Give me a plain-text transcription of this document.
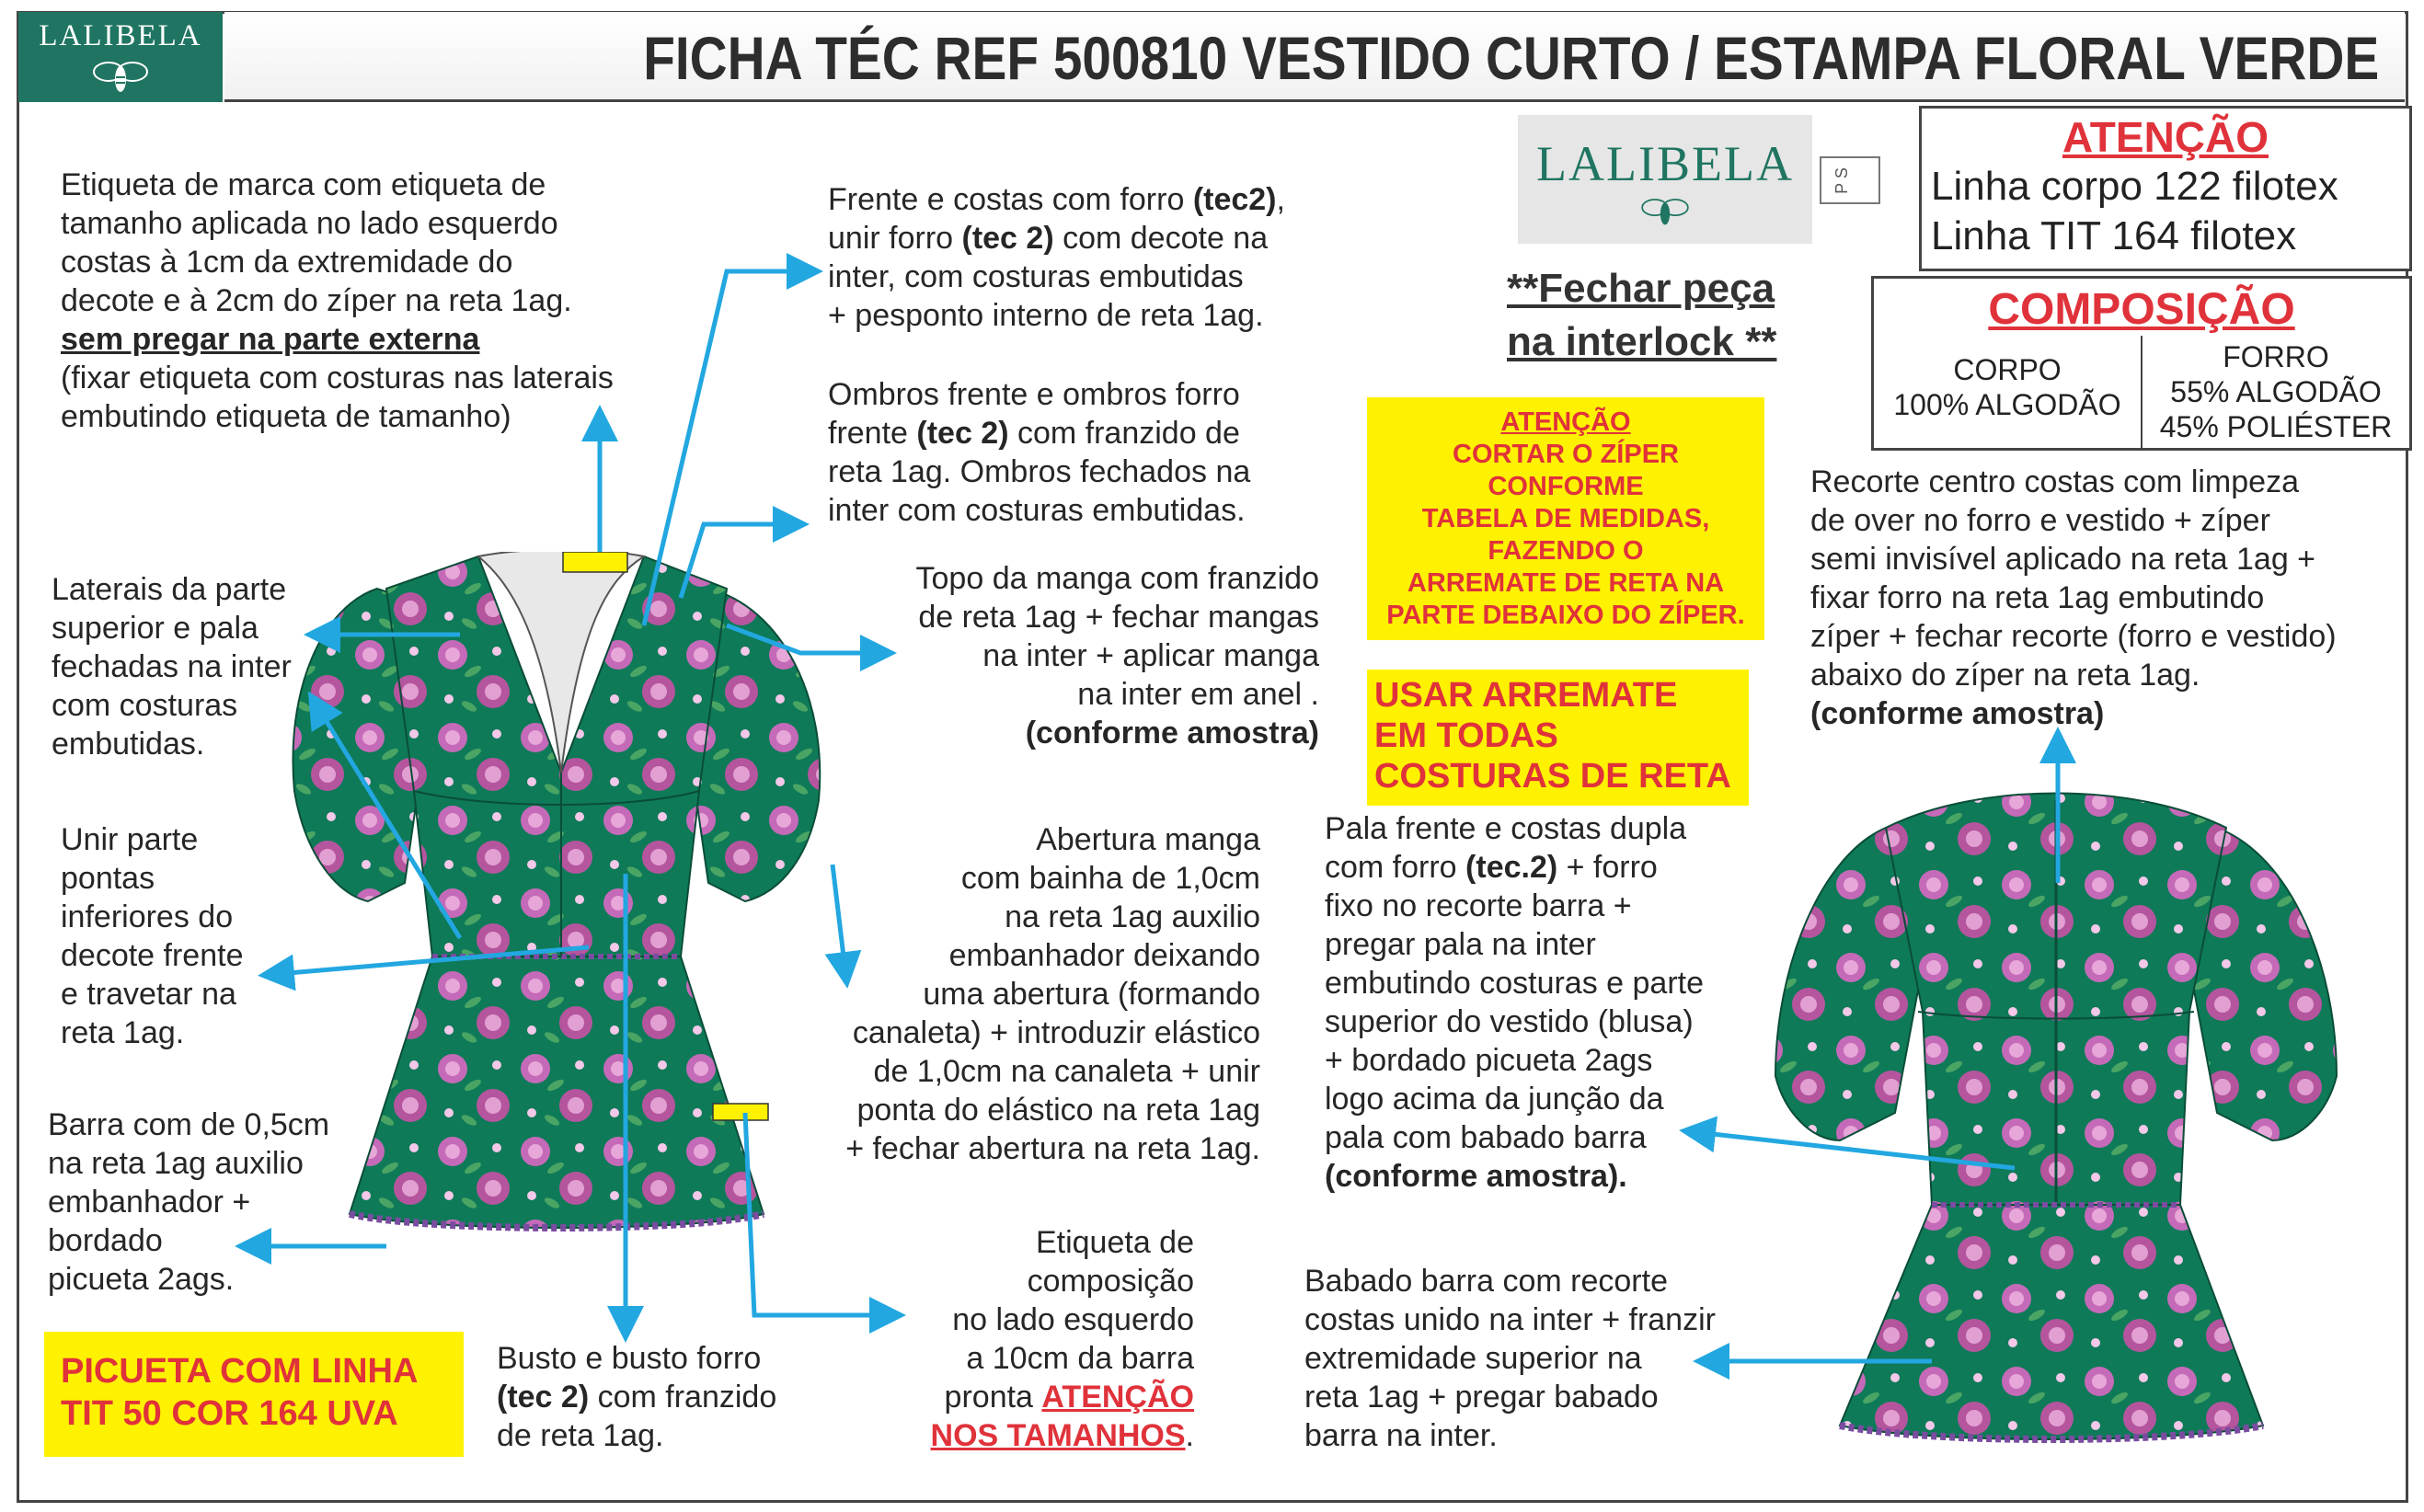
LALIBELA	FICHA TÉC REF 500810 VESTIDO CURTO / ESTAMPA FLORAL VERDE
LALIBELA	P S
**Fechar peça
na interlock **
ATENÇÃO
Linha corpo 122 filotex
Linha TIT 164 filotex
COMPOSIÇÃO
CORPO
100% ALGODÃO
FORRO
55% ALGODÃO
45% POLIÉSTER
ATENÇÃO
CORTAR O ZÍPER
CONFORME
TABELA DE MEDIDAS,
FAZENDO O
ARREMATE DE RETA NA
PARTE DEBAIXO DO ZÍPER.
USAR ARREMATE
EM TODAS
COSTURAS DE RETA
PICUETA COM LINHA
TIT 50 COR 164 UVA
Etiqueta de marca com etiqueta de
tamanho aplicada no lado esquerdo
costas à 1cm da extremidade do
decote e à 2cm do zíper na reta 1ag.
sem pregar na parte externa
(fixar etiqueta com costuras nas laterais
embutindo etiqueta de tamanho)
Laterais da parte
superior e pala
fechadas na inter
com costuras
embutidas.
Unir parte
pontas
inferiores do
decote frente
e travetar na
reta 1ag.
Barra com de 0,5cm
na reta 1ag auxilio
embanhador +
bordado
picueta 2ags.
Frente e costas com forro (tec2),
unir forro (tec 2) com decote na
inter, com costuras embutidas
+ pesponto interno de reta 1ag.
Ombros frente e ombros forro
frente (tec 2) com franzido de
reta 1ag. Ombros fechados na
inter com costuras embutidas.
Topo da manga com franzido
de reta 1ag + fechar mangas
na inter + aplicar manga
na inter em anel .
(conforme amostra)
Abertura manga
com bainha de 1,0cm
na reta 1ag auxilio
embanhador deixando
uma abertura (formando
canaleta) + introduzir elástico
de 1,0cm na canaleta + unir
ponta do elástico na reta 1ag
+ fechar abertura na reta 1ag.
Etiqueta de
composição
no lado esquerdo
a 10cm da barra
pronta ATENÇÃO
NOS TAMANHOS.
Busto e busto forro
(tec 2) com franzido
de reta 1ag.
Recorte centro costas com limpeza
de over no forro e vestido + zíper
semi invisível aplicado na reta 1ag +
fixar forro na reta 1ag embutindo
zíper + fechar recorte (forro e vestido)
abaixo do zíper na reta 1ag.
(conforme amostra)
Pala frente e costas dupla
com forro (tec.2) + forro
fixo no recorte barra +
pregar pala na inter
embutindo costuras e parte
superior do vestido (blusa)
+ bordado picueta 2ags
logo acima da junção da
pala com babado barra
(conforme amostra).
Babado barra com recorte
costas unido na inter + franzir
extremidade superior na
reta 1ag + pregar babado
barra na inter.
